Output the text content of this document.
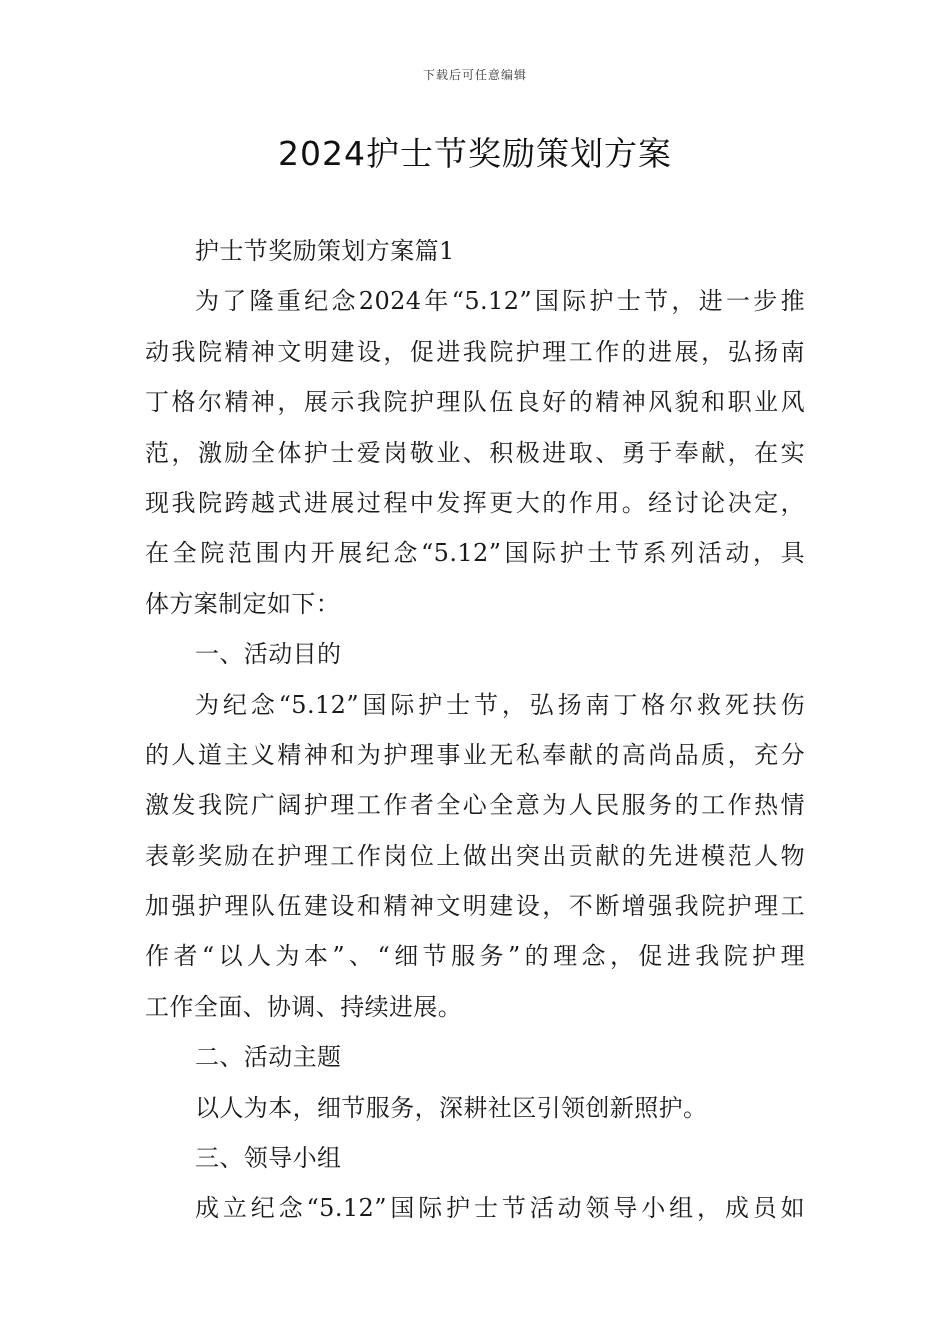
下载后可任意编辑
2024护士节奖励策划方案
护士节奖励策划方案篇1
为了隆重纪念2024年“5.12”国际护士节，进一步推
动我院精神文明建设，促进我院护理工作的进展，弘扬南
丁格尔精神，展示我院护理队伍良好的精神风貌和职业风
范，激励全体护士爱岗敬业、积极进取、勇于奉献，在实
现我院跨越式进展过程中发挥更大的作用。经讨论决定，
在全院范围内开展纪念“5.12”国际护士节系列活动，具
体方案制定如下：
一、活动目的
为纪念“5.12”国际护士节，弘扬南丁格尔救死扶伤
的人道主义精神和为护理事业无私奉献的高尚品质，充分
激发我院广阔护理工作者全心全意为人民服务的工作热情
表彰奖励在护理工作岗位上做出突出贡献的先进模范人物
加强护理队伍建设和精神文明建设，不断增强我院护理工
作者“以人为本”、“细节服务”的理念，促进我院护理
工作全面、协调、持续进展。
二、活动主题
以人为本，细节服务，深耕社区引领创新照护。
三、领导小组
成立纪念“5.12”国际护士节活动领导小组，成员如
